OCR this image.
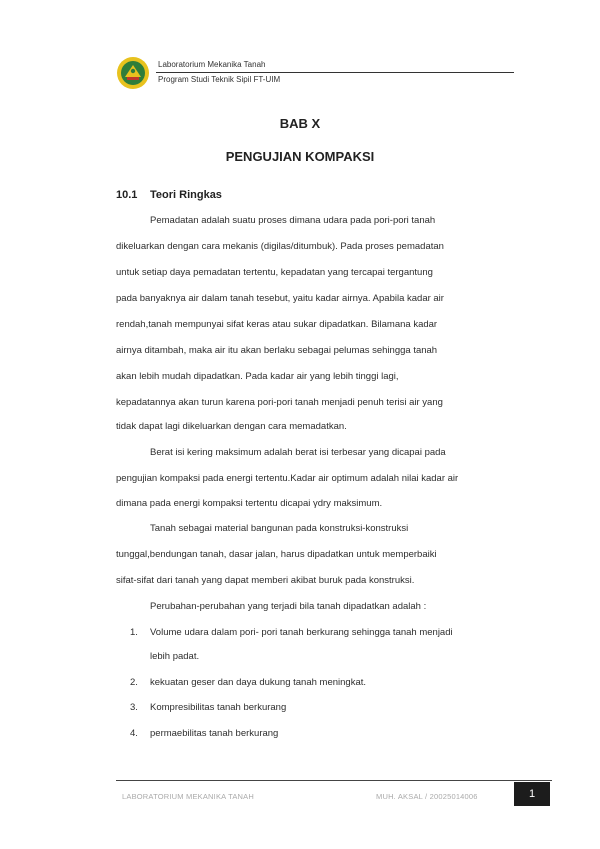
Laboratorium Mekanika Tanah
Program Studi Teknik Sipil FT-UIM
BAB X
PENGUJIAN KOMPAKSI
10.1 Teori Ringkas
Pemadatan adalah suatu proses dimana udara pada pori-pori tanah
dikeluarkan dengan cara mekanis (digilas/ditumbuk). Pada proses pemadatan
untuk setiap daya pemadatan tertentu, kepadatan yang tercapai tergantung
pada banyaknya air dalam tanah tesebut, yaitu kadar airnya. Apabila kadar air
rendah,tanah mempunyai sifat keras atau sukar dipadatkan. Bilamana kadar
airnya ditambah, maka air itu akan berlaku sebagai pelumas sehingga tanah
akan lebih mudah dipadatkan. Pada kadar air yang lebih tinggi lagi,
kepadatannya akan turun karena pori-pori tanah menjadi penuh terisi air yang
tidak dapat lagi dikeluarkan dengan cara memadatkan.
Berat isi kering maksimum adalah berat isi terbesar yang dicapai pada
pengujian kompaksi pada energi tertentu.Kadar air optimum adalah nilai kadar air
dimana pada energi kompaksi tertentu dicapai γdry maksimum.
Tanah sebagai material bangunan pada konstruksi-konstruksi
tunggal,bendungan tanah, dasar jalan, harus dipadatkan untuk memperbaiki
sifat-sifat dari tanah yang dapat memberi akibat buruk pada konstruksi.
Perubahan-perubahan yang terjadi bila tanah dipadatkan adalah :
1. Volume udara dalam pori- pori tanah berkurang sehingga tanah menjadi
lebih padat.
2. kekuatan geser dan daya dukung tanah meningkat.
3. Kompresibilitas tanah berkurang
4. permaebilitas tanah berkurang
LABORATORIUM MEKANIKA TANAH	MUH. AKSAL / 20025014006	1
